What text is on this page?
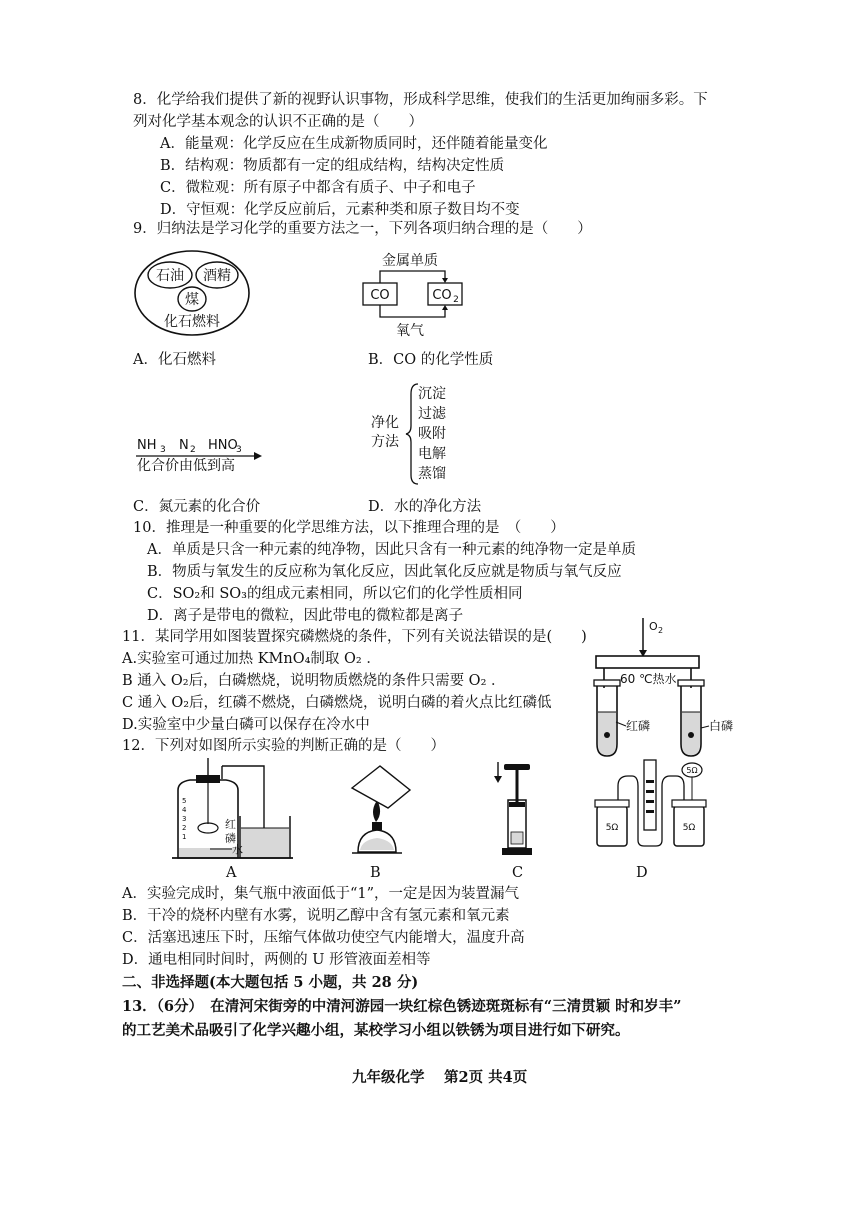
8．化学给我们提供了新的视野认识事物，形成科学思维，使我们的生活更加绚丽多彩。下
列对化学基本观念的认识不正确的是（　　）
A．能量观：化学反应在生成新物质同时，还伴随着能量变化
B．结构观：物质都有一定的组成结构，结构决定性质
C．微粒观：所有原子中都含有质子、中子和电子
D．守恒观：化学反应前后，元素种类和原子数目均不变
9．归纳法是学习化学的重要方法之一，下列各项归纳合理的是（　　）
石油 酒精
煤
化石燃料
A．化石燃料
金属单质
CO	CO 2
氧气
B．CO 的化学性质
NH 3 N 2 HNO
3
化合价由低到高
C．氮元素的化合价
净化
方法
沉淀
过滤
吸附
电解
蒸馏
D．水的净化方法
10．推理是一种重要的化学思维方法，以下推理合理的是　（　　）
A．单质是只含一种元素的纯净物，因此只含有一种元素的纯净物一定是单质
B．物质与氧发生的反应称为氧化反应，因此氧化反应就是物质与氧气反应
C．SO₂和 SO₃的组成元素相同，所以它们的化学性质相同
D．离子是带电的微粒，因此带电的微粒都是离子
11．某同学用如图装置探究磷燃烧的条件，下列有关说法错误的是(　　)
A.实验室可通过加热 KMnO₄制取 O₂ ．
B 通入 O₂后，白磷燃烧，说明物质燃烧的条件只需要 O₂ ．
C 通入 O₂后，红磷不燃烧，白磷燃烧，说明白磷的着火点比红磷低
D.实验室中少量白磷可以保存在冷水中
O 2
60 ℃热水
红磷	白磷
12．下列对如图所示实验的判断正确的是（　　）
5
4
3
2
1
红
磷
水
5Ω	5Ω
5Ω
A	B	C	D
A．实验完成时，集气瓶中液面低于“1”，一定是因为装置漏气
B．干冷的烧杯内壁有水雾，说明乙醇中含有氢元素和氧元素
C．活塞迅速压下时，压缩气体做功使空气内能增大，温度升高
D．通电相同时间时，两侧的 U 形管液面差相等
二、非选择题(本大题包括 5 小题，共 28 分)
13．（6分）　在清河宋街旁的中清河游园一块红棕色锈迹斑斑标有“三清贯颖 时和岁丰”
的工艺美术品吸引了化学兴趣小组，某校学习小组以铁锈为项目进行如下研究。
九年级化学　 第2页 共4页
